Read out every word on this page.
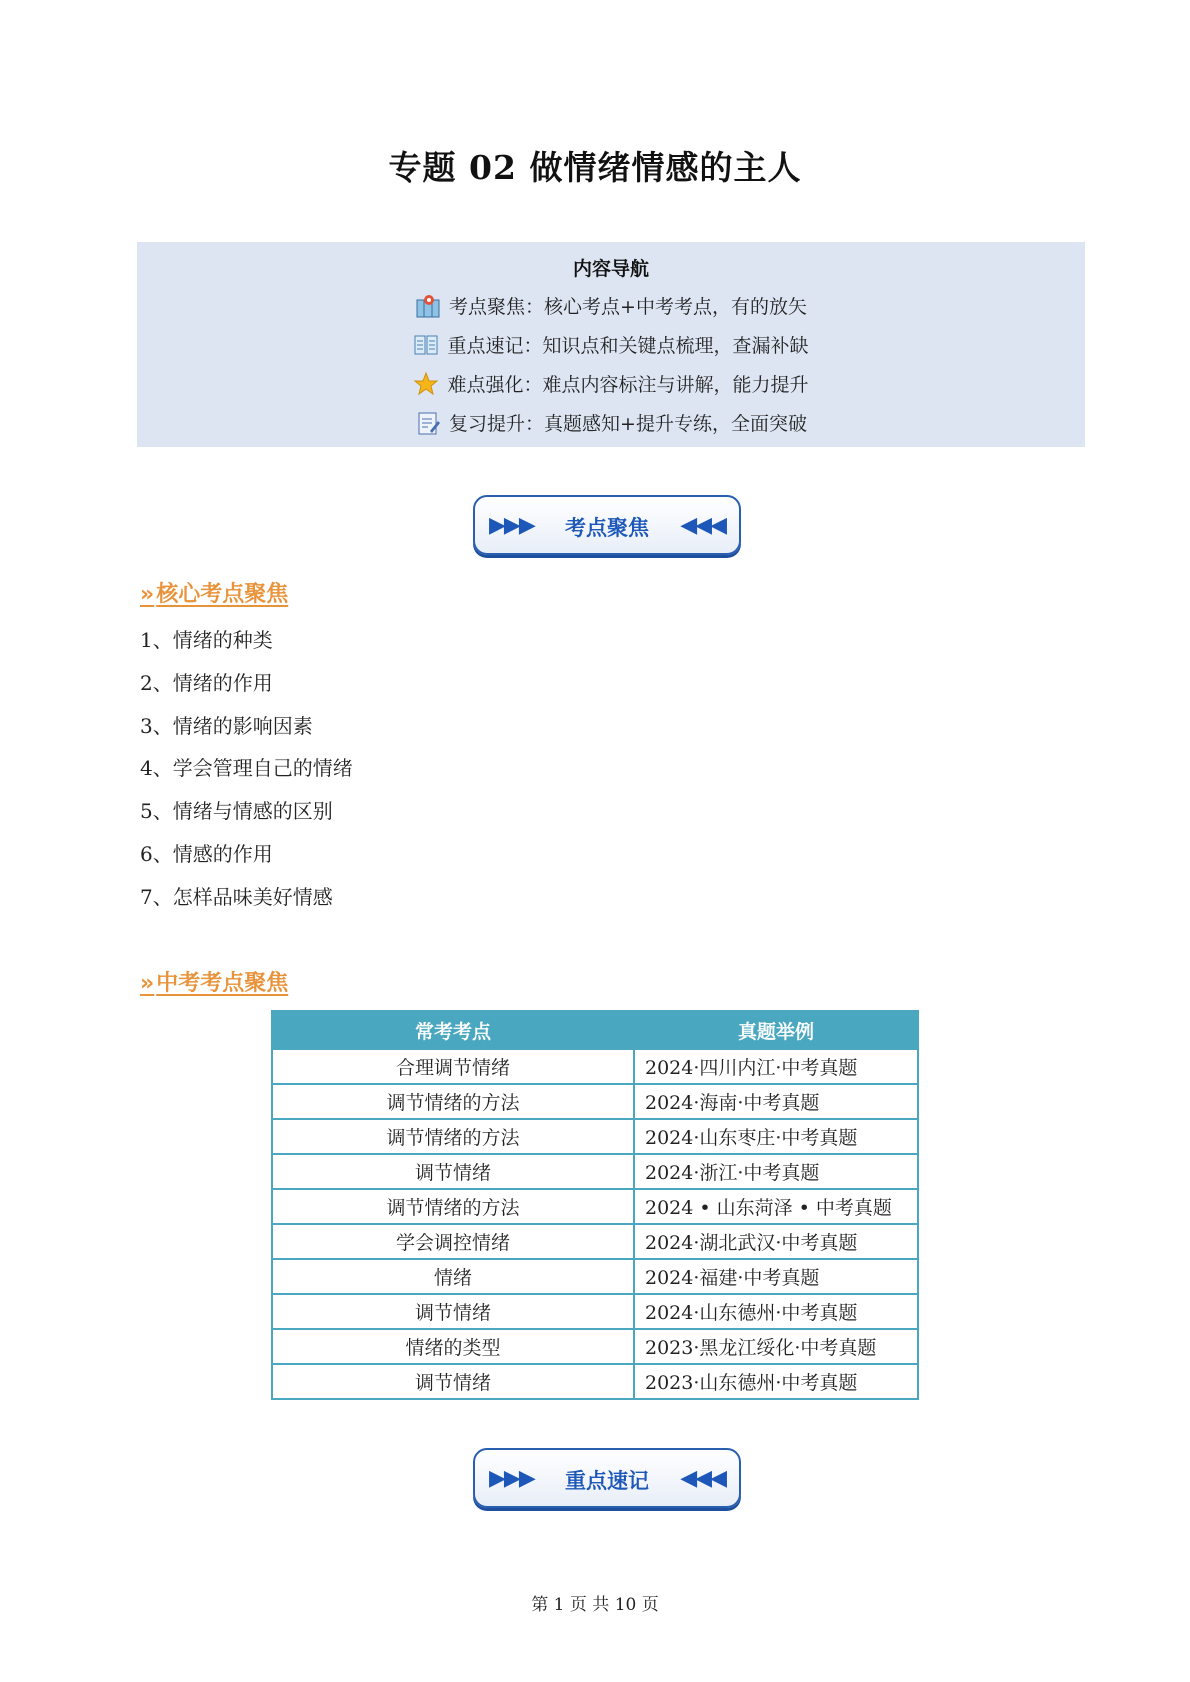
专题 02 做情绪情感的主人
内容导航
考点聚焦：核心考点+中考考点，有的放矢
重点速记：知识点和关键点梳理，查漏补缺
难点强化：难点内容标注与讲解，能力提升
复习提升：真题感知+提升专练，全面突破
▶▶▶	考点聚焦	◀◀◀
»核心考点聚焦
1、情绪的种类
2、情绪的作用
3、情绪的影响因素
4、学会管理自己的情绪
5、情绪与情感的区别
6、情感的作用
7、怎样品味美好情感
»中考考点聚焦
常考考点	真题举例
合理调节情绪	2024·四川内江·中考真题
调节情绪的方法	2024·海南·中考真题
调节情绪的方法	2024·山东枣庄·中考真题
调节情绪	2024·浙江·中考真题
调节情绪的方法	2024 • 山东菏泽 • 中考真题
学会调控情绪	2024·湖北武汉·中考真题
情绪	2024·福建·中考真题
调节情绪	2024·山东德州·中考真题
情绪的类型	2023·黑龙江绥化·中考真题
调节情绪	2023·山东德州·中考真题
▶▶▶	重点速记	◀◀◀
第 1 页 共 10 页
